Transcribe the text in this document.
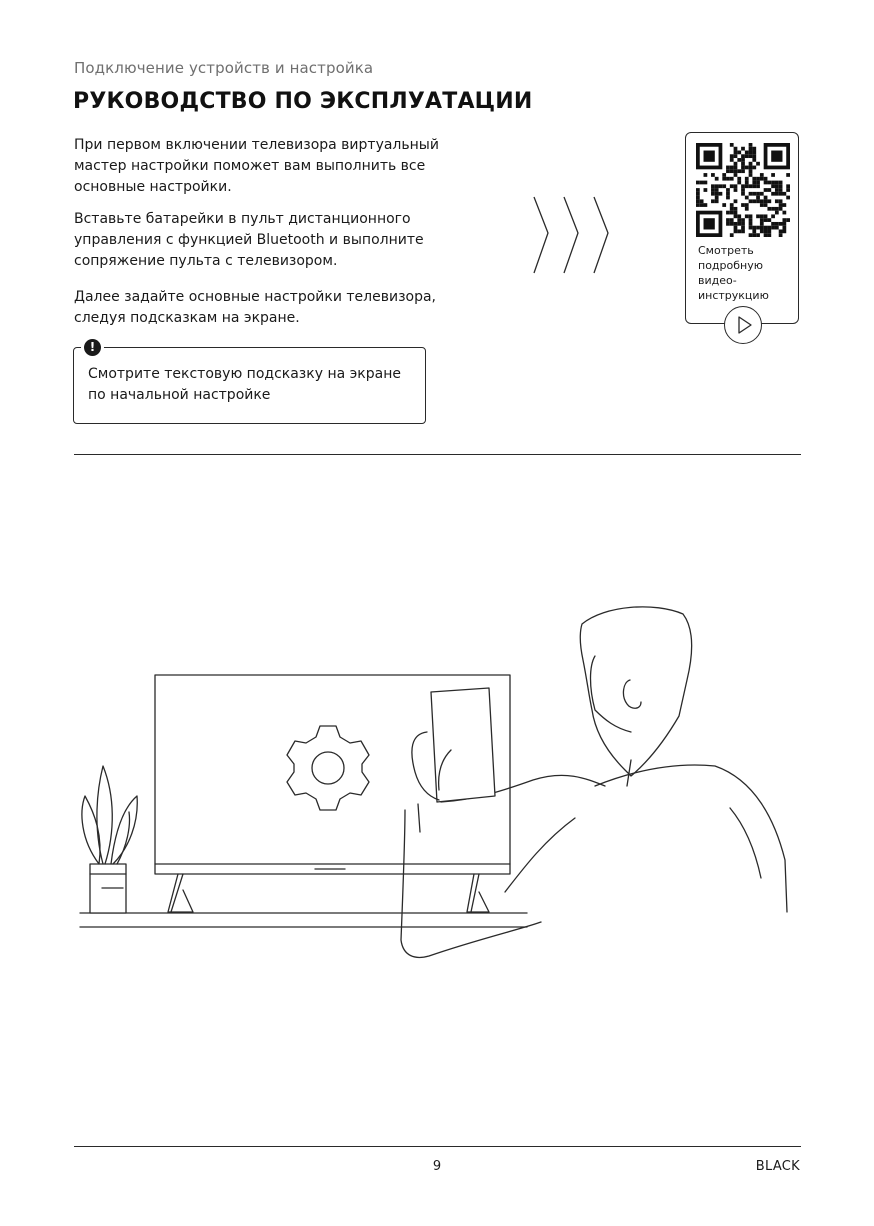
Подключение устройств и настройка
РУКОВОДСТВО ПО ЭКСПЛУАТАЦИИ

При первом включении телевизора виртуальный мастер настройки поможет вам выполнить все основные настройки.

Вставьте батарейки в пульт дистанционного управления с функцией Bluetooth и выполните сопряжение пульта с телевизором.

Далее задайте основные настройки телевизора, следуя подсказкам на экране.

!

Смотрите текстовую подсказку на экране по начальной настройке

Смотреть подробную видео-инструкцию

9	BLACK
